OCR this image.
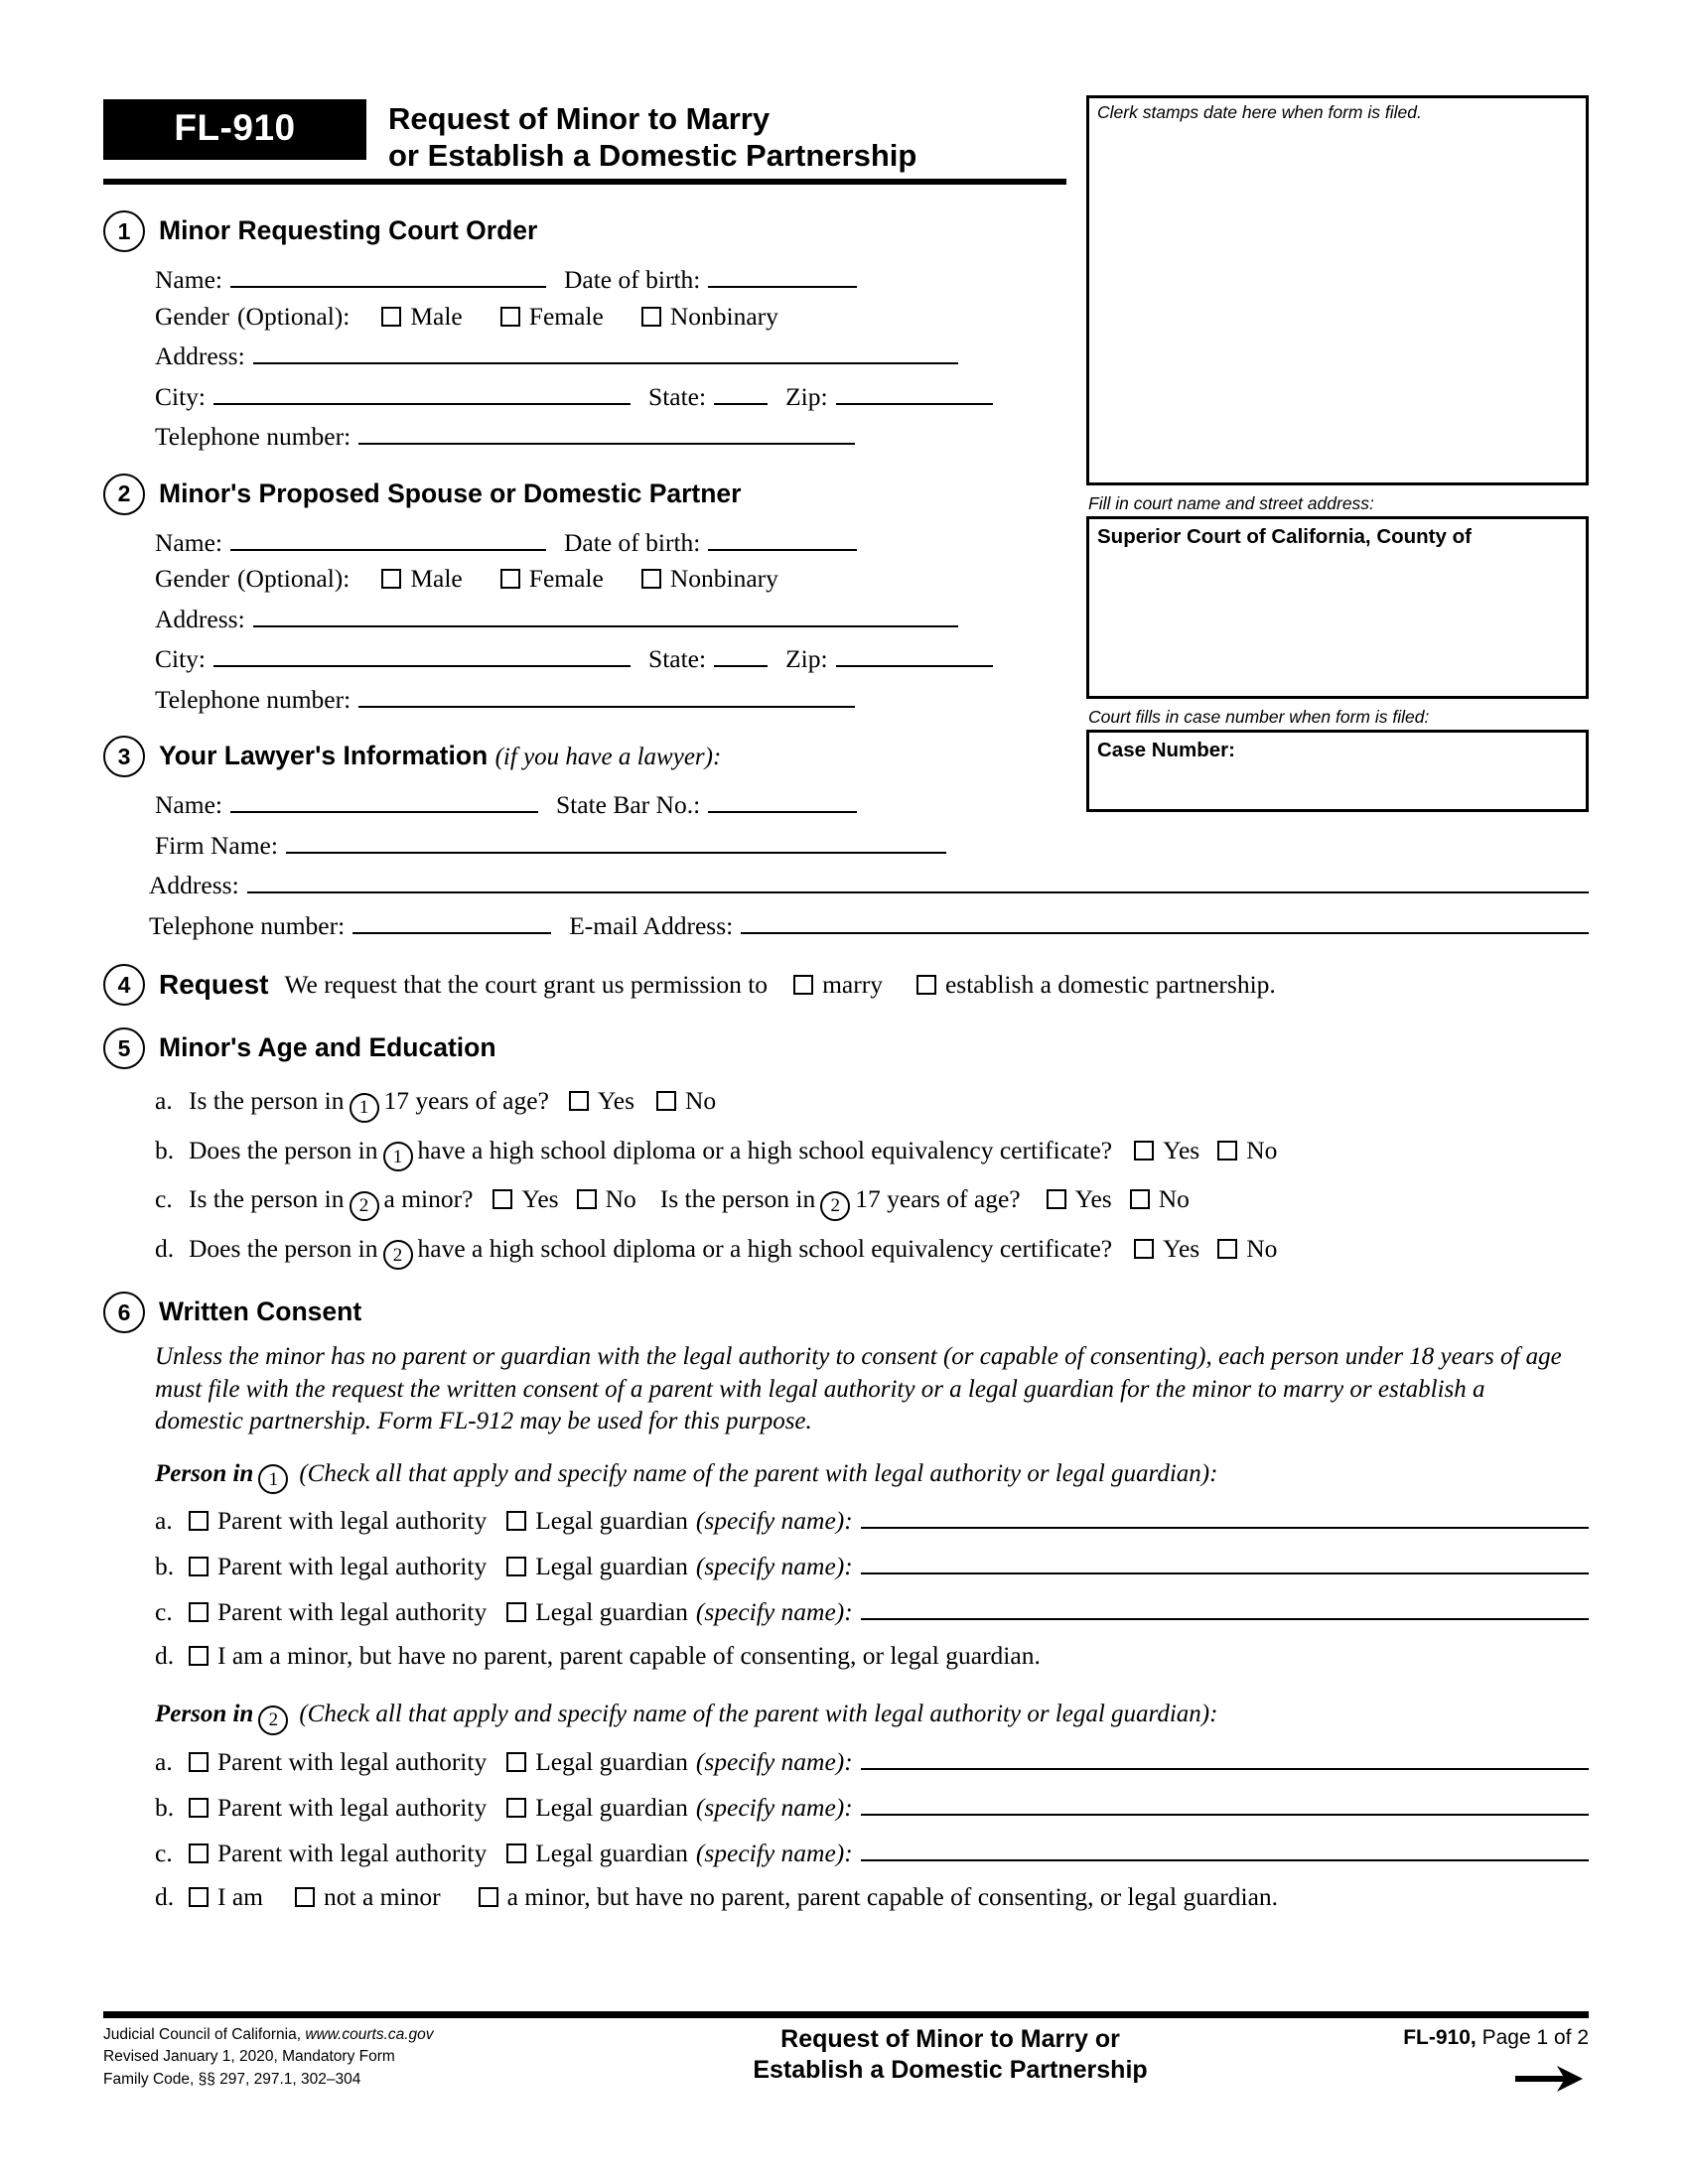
FL-910	Request of Minor to Marry
or Establish a Domestic Partnership
Clerk stamps date here when form is filed.
Fill in court name and street address:
Superior Court of California, County of
Court fills in case number when form is filed:
Case Number:
1	Minor Requesting Court Order
Name:	Date of birth:
Gender (Optional): Male	Female	Nonbinary
Address:
City:	State:	Zip:
Telephone number:
2	Minor's Proposed Spouse or Domestic Partner
Name:	Date of birth:
Gender (Optional): Male	Female	Nonbinary
Address:
City:	State:	Zip:
Telephone number:
3	Your Lawyer's Information (if you have a lawyer):
Name:	State Bar No.:
Firm Name:
Address:
Telephone number:	E-mail Address:
4	Request We request that the court grant us permission to marry establish a domestic partnership.
5	Minor's Age and Education
a. Is the person in 1 17 years of age? Yes No
b. Does the person in 1 have a high school diploma or a high school equivalency certificate? Yes No
c. Is the person in 2 a minor? Yes No Is the person in 2 17 years of age? Yes No
d. Does the person in 2 have a high school diploma or a high school equivalency certificate? Yes No
6	Written Consent
Unless the minor has no parent or guardian with the legal authority to consent (or capable of consenting), each person under 18 years of age must file with the request the written consent of a parent with legal authority or a legal guardian for the minor to marry or establish a domestic partnership. Form FL-912 may be used for this purpose.
Person in 1 (Check all that apply and specify name of the parent with legal authority or legal guardian):
a.	Parent with legal authority Legal guardian (specify name):
b.	Parent with legal authority Legal guardian (specify name):
c.	Parent with legal authority Legal guardian (specify name):
d.	I am a minor, but have no parent, parent capable of consenting, or legal guardian.
Person in 2 (Check all that apply and specify name of the parent with legal authority or legal guardian):
a.	Parent with legal authority Legal guardian (specify name):
b.	Parent with legal authority Legal guardian (specify name):
c.	Parent with legal authority Legal guardian (specify name):
d.	I am not a minor	a minor, but have no parent, parent capable of consenting, or legal guardian.
Judicial Council of California, www.courts.ca.gov
Revised January 1, 2020, Mandatory Form
Family Code, §§ 297, 297.1, 302–304
Request of Minor to Marry or
Establish a Domestic Partnership
FL-910, Page 1 of 2
